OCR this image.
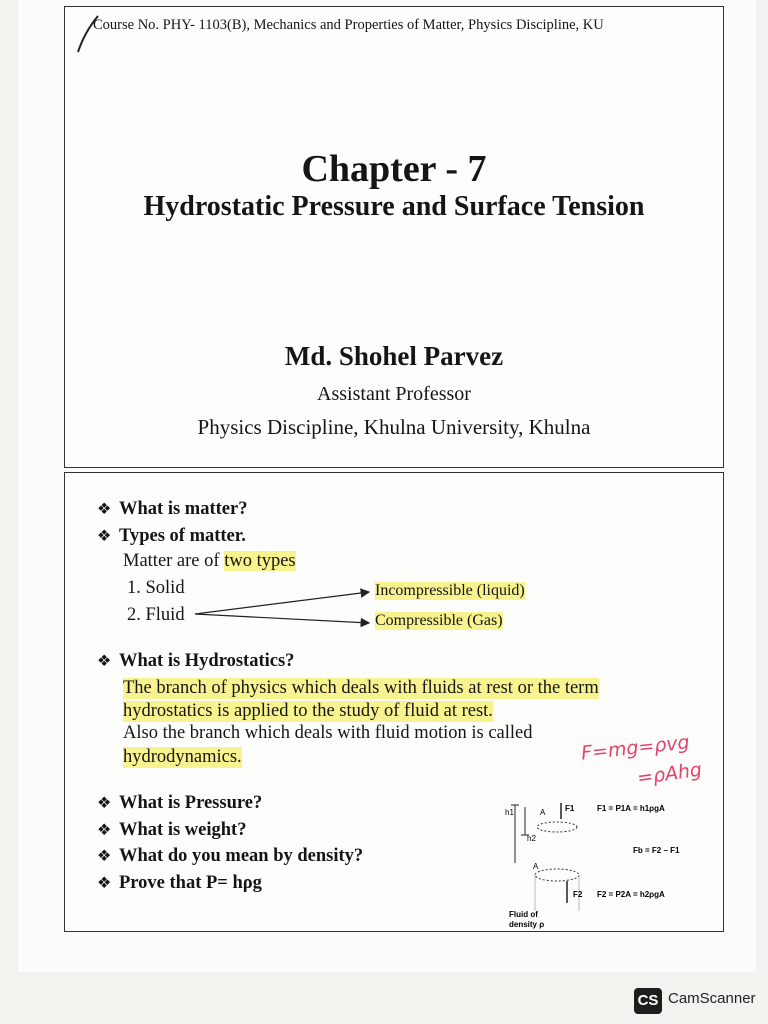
Course No. PHY- 1103(B), Mechanics and Properties of Matter, Physics Discipline, KU
Chapter - 7
Hydrostatic Pressure and Surface Tension
Md. Shohel Parvez
Assistant Professor
Physics Discipline, Khulna University, Khulna
❖ What is matter?
❖ Types of matter.
Matter are of two types
1. Solid
2. Fluid
Incompressible (liquid)
Compressible (Gas)
❖ What is Hydrostatics?
The branch of physics which deals with fluids at rest or the term
hydrostatics is applied to the study of fluid at rest.
Also the branch which deals with fluid motion is called
hydrodynamics.	F=mg=ρvg
=ρAhg
❖ What is Pressure?
❖ What is weight?
❖ What do you mean by density?
❖ Prove that P= hρg
h1
h2
A
A
F1
F2
F1 = P1A = h1ρgA
Fb = F2 – F1
F2 = P2A = h2ρgA
Fluid of
density ρ
CS CamScanner
